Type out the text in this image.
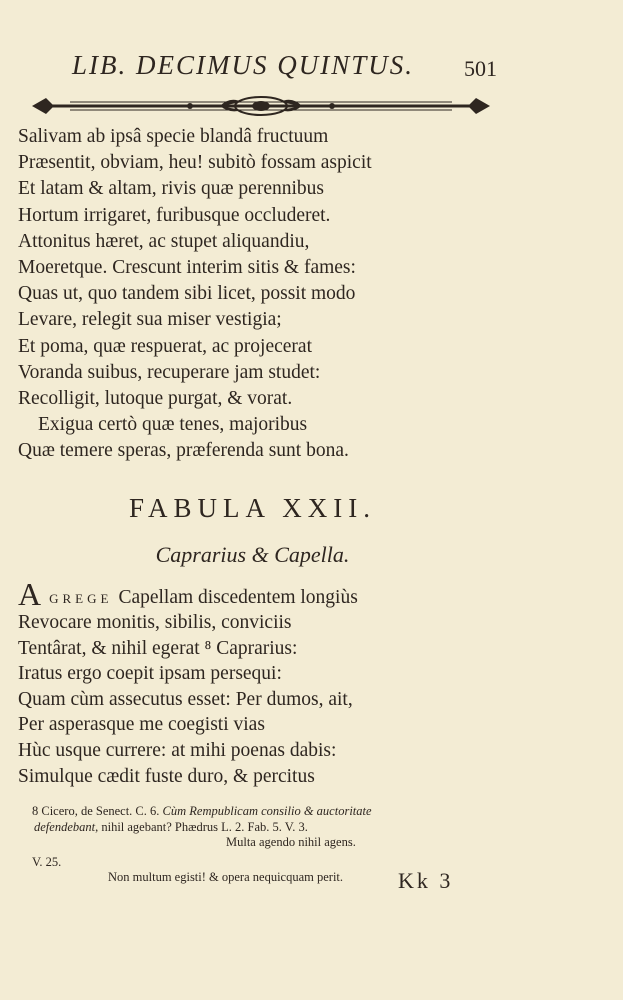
LIB. DECIMUS QUINTUS. 501
Salivam ab ipsâ specie blandâ fructuum
Præsentit, obviam, heu! subitò fossam aspicit
Et latam & altam, rivis quæ perennibus
Hortum irrigaret, furibusque occluderet.
Attonitus hæret, ac stupet aliquandiu,
Moeretque. Crescunt interim sitis & fames:
Quas ut, quo tandem sibi licet, possit modo
Levare, relegit sua miser vestigia;
Et poma, quæ respuerat, ac projecerat
Voranda suibus, recuperare jam studet:
Recolligit, lutoque purgat, & vorat.
Exigua certò quæ tenes, majoribus
Quæ temere speras, præferenda sunt bona.
FABULA XXII.
Caprarius & Capella.
AGREGE Capellam discedentem longiùs
Revocare monitis, sibilis, conviciis
Tentârat, & nihil egerat ⁸ Caprarius:
Iratus ergo coepit ipsam persequi:
Quam cùm assecutus esset: Per dumos, ait,
Per asperasque me coegisti vias
Hùc usque currere: at mihi poenas dabis:
Simulque cædit fuste duro, & percitus
8 Cicero, de Senect. C. 6. Cùm Rempublicam consilio & auctoritate
defendebant, nihil agebant? Phædrus L. 2. Fab. 5. V. 3.
Multa agendo nihil agens.
V. 25.
Non multum egisti! & opera nequicquam perit.	Kk 3
